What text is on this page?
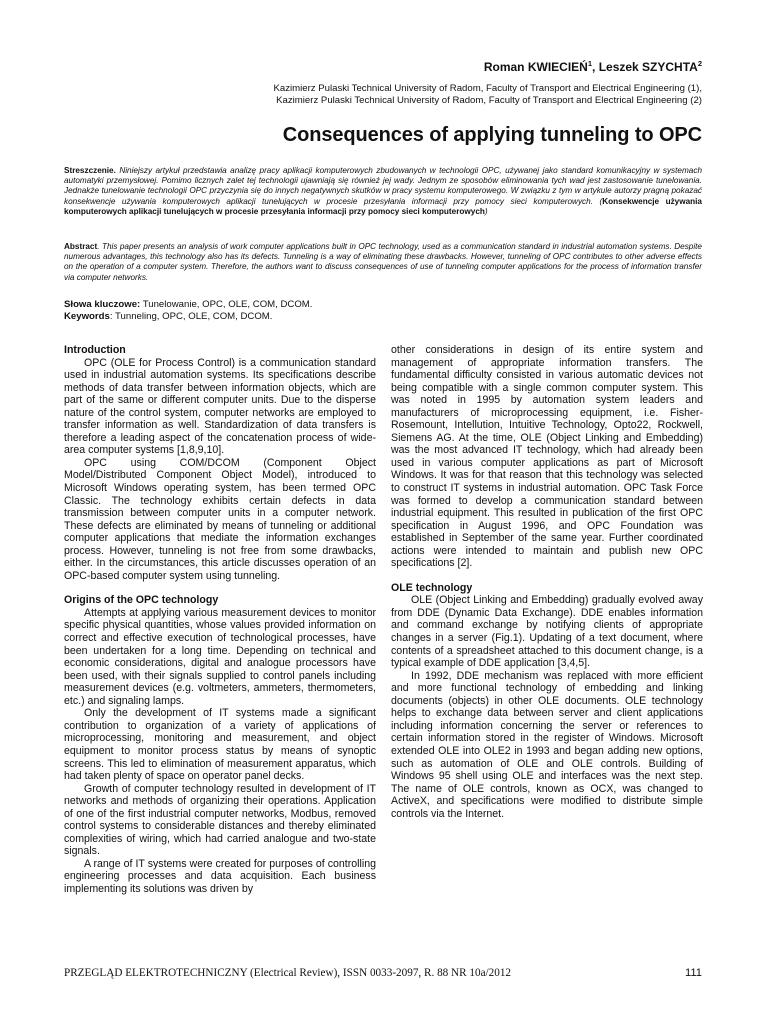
Roman KWIECIEŃ$^1$, Leszek SZYCHTA$^2$
Kazimierz Pulaski Technical University of Radom, Faculty of Transport and Electrical Engineering (1),
Kazimierz Pulaski Technical University of Radom, Faculty of Transport and Electrical Engineering (2)
Consequences of applying tunneling to OPC
Streszczenie. Niniejszy artykuł przedstawia analizę pracy aplikacji komputerowych zbudowanych w technologii OPC, używanej jako standard komunikacyjny w systemach automatyki przemysłowej. Pomimo licznych zalet tej technologii ujawniają się również jej wady. Jednym ze sposobów eliminowania tych wad jest zastosowanie tunelowania. Jednakże tunelowanie technologii OPC przyczynia się do innych negatywnych skutków w pracy systemu komputerowego. W związku z tym w artykule autorzy pragną pokazać konsekwencje używania komputerowych aplikacji tunelujących w procesie przesyłania informacji przy pomocy sieci komputerowych. (Konsekwencje używania komputerowych aplikacji tunelujących w procesie przesyłania informacji przy pomocy sieci komputerowych)
Abstract. This paper presents an analysis of work computer applications built in OPC technology, used as a communication standard in industrial automation systems. Despite numerous advantages, this technology also has its defects. Tunneling is a way of eliminating these drawbacks. However, tunneling of OPC contributes to other adverse effects on the operation of a computer system. Therefore, the authors want to discuss consequences of use of tunneling computer applications for the process of information transfer via computer networks.
Słowa kluczowe: Tunelowanie, OPC, OLE, COM, DCOM.
Keywords: Tunneling, OPC, OLE, COM, DCOM.
Introduction

OPC (OLE for Process Control) is a communication standard used in industrial automation systems. Its specifications describe methods of data transfer between information objects, which are part of the same or different computer units. Due to the disperse nature of the control system, computer networks are employed to transfer information as well. Standardization of data transfers is therefore a leading aspect of the concatenation process of wide-area computer systems [1,8,9,10].

OPC using COM/DCOM (Component Object Model/Distributed Component Object Model), introduced to Microsoft Windows operating system, has been termed OPC Classic. The technology exhibits certain defects in data transmission between computer units in a computer network. These defects are eliminated by means of tunneling or additional computer applications that mediate the information exchanges process. However, tunneling is not free from some drawbacks, either. In the circumstances, this article discusses operation of an OPC-based computer system using tunneling.

Origins of the OPC technology

Attempts at applying various measurement devices to monitor specific physical quantities, whose values provided information on correct and effective execution of technological processes, have been undertaken for a long time. Depending on technical and economic considerations, digital and analogue processors have been used, with their signals supplied to control panels including measurement devices (e.g. voltmeters, ammeters, thermometers, etc.) and signaling lamps.

Only the development of IT systems made a significant contribution to organization of a variety of applications of microprocessing, monitoring and measurement, and object equipment to monitor process status by means of synoptic screens. This led to elimination of measurement apparatus, which had taken plenty of space on operator panel decks.

Growth of computer technology resulted in development of IT networks and methods of organizing their operations. Application of one of the first industrial computer networks, Modbus, removed control systems to considerable distances and thereby eliminated complexities of wiring, which had carried analogue and two-state signals.

A range of IT systems were created for purposes of controlling engineering processes and data acquisition. Each business implementing its solutions was driven by

other considerations in design of its entire system and management of appropriate information transfers. The fundamental difficulty consisted in various automatic devices not being compatible with a single common computer system. This was noted in 1995 by automation system leaders and manufacturers of microprocessing equipment, i.e. Fisher-Rosemount, Intellution, Intuitive Technology, Opto22, Rockwell, Siemens AG. At the time, OLE (Object Linking and Embedding) was the most advanced IT technology, which had already been used in various computer applications as part of Microsoft Windows. It was for that reason that this technology was selected to construct IT systems in industrial automation. OPC Task Force was formed to develop a communication standard between industrial equipment. This resulted in publication of the first OPC specification in August 1996, and OPC Foundation was established in September of the same year. Further coordinated actions were intended to maintain and publish new OPC specifications [2].

OLE technology

OLE (Object Linking and Embedding) gradually evolved away from DDE (Dynamic Data Exchange). DDE enables information and command exchange by notifying clients of appropriate changes in a server (Fig.1). Updating of a text document, where contents of a spreadsheet attached to this document change, is a typical example of DDE application [3,4,5].

In 1992, DDE mechanism was replaced with more efficient and more functional technology of embedding and linking documents (objects) in other OLE documents. OLE technology helps to exchange data between server and client applications including information concerning the server or references to certain information stored in the register of Windows. Microsoft extended OLE into OLE2 in 1993 and began adding new options, such as automation of OLE and OLE controls. Building of Windows 95 shell using OLE and interfaces was the next step. The name of OLE controls, known as OCX, was changed to ActiveX, and specifications were modified to distribute simple controls via the Internet.

PRZEGLĄD ELEKTROTECHNICZNY (Electrical Review), ISSN 0033-2097, R. 88 NR 10a/2012	111
